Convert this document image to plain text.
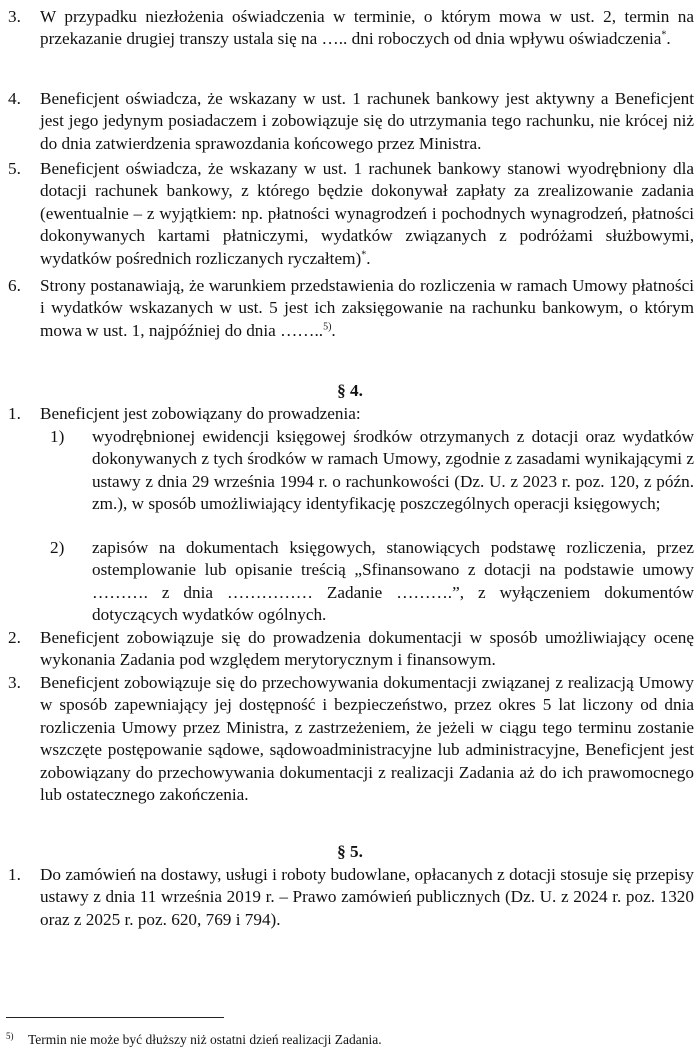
3. W przypadku niezłożenia oświadczenia w terminie, o którym mowa w ust. 2, termin na przekazanie drugiej transzy ustala się na ….. dni roboczych od dnia wpływu oświadczenia*.
4. Beneficjent oświadcza, że wskazany w ust. 1 rachunek bankowy jest aktywny a Beneficjent jest jego jedynym posiadaczem i zobowiązuje się do utrzymania tego rachunku, nie krócej niż do dnia zatwierdzenia sprawozdania końcowego przez Ministra.
5. Beneficjent oświadcza, że wskazany w ust. 1 rachunek bankowy stanowi wyodrębniony dla dotacji rachunek bankowy, z którego będzie dokonywał zapłaty za zrealizowanie zadania (ewentualnie – z wyjątkiem: np. płatności wynagrodzeń i pochodnych wynagrodzeń, płatności dokonywanych kartami płatniczymi, wydatków związanych z podróżami służbowymi, wydatków pośrednich rozliczanych ryczałtem)*.
6. Strony postanawiają, że warunkiem przedstawienia do rozliczenia w ramach Umowy płatności i wydatków wskazanych w ust. 5 jest ich zaksięgowanie na rachunku bankowym, o którym mowa w ust. 1, najpóźniej do dnia ……..$^{5)}$.
§ 4.
1. Beneficjent jest zobowiązany do prowadzenia:
1) wyodrębnionej ewidencji księgowej środków otrzymanych z dotacji oraz wydatków dokonywanych z tych środków w ramach Umowy, zgodnie z zasadami wynikającymi z ustawy z dnia 29 września 1994 r. o rachunkowości (Dz. U. z 2023 r. poz. 120, z późn. zm.), w sposób umożliwiający identyfikację poszczególnych operacji księgowych;
2) zapisów na dokumentach księgowych, stanowiących podstawę rozliczenia, przez ostemplowanie lub opisanie treścią „Sfinansowano z dotacji na podstawie umowy ………. z dnia …………… Zadanie ……….”, z wyłączeniem dokumentów dotyczących wydatków ogólnych.
2. Beneficjent zobowiązuje się do prowadzenia dokumentacji w sposób umożliwiający ocenę wykonania Zadania pod względem merytorycznym i finansowym.
3. Beneficjent zobowiązuje się do przechowywania dokumentacji związanej z realizacją Umowy w sposób zapewniający jej dostępność i bezpieczeństwo, przez okres 5 lat liczony od dnia rozliczenia Umowy przez Ministra, z zastrzeżeniem, że jeżeli w ciągu tego terminu zostanie wszczęte postępowanie sądowe, sądowoadministracyjne lub administracyjne, Beneficjent jest zobowiązany do przechowywania dokumentacji z realizacji Zadania aż do ich prawomocnego lub ostatecznego zakończenia.
§ 5.
1. Do zamówień na dostawy, usługi i roboty budowlane, opłacanych z dotacji stosuje się przepisy ustawy z dnia 11 września 2019 r. – Prawo zamówień publicznych (Dz. U. z 2024 r. poz. 1320 oraz z 2025 r. poz. 620, 769 i 794).
5) Termin nie może być dłuższy niż ostatni dzień realizacji Zadania.
